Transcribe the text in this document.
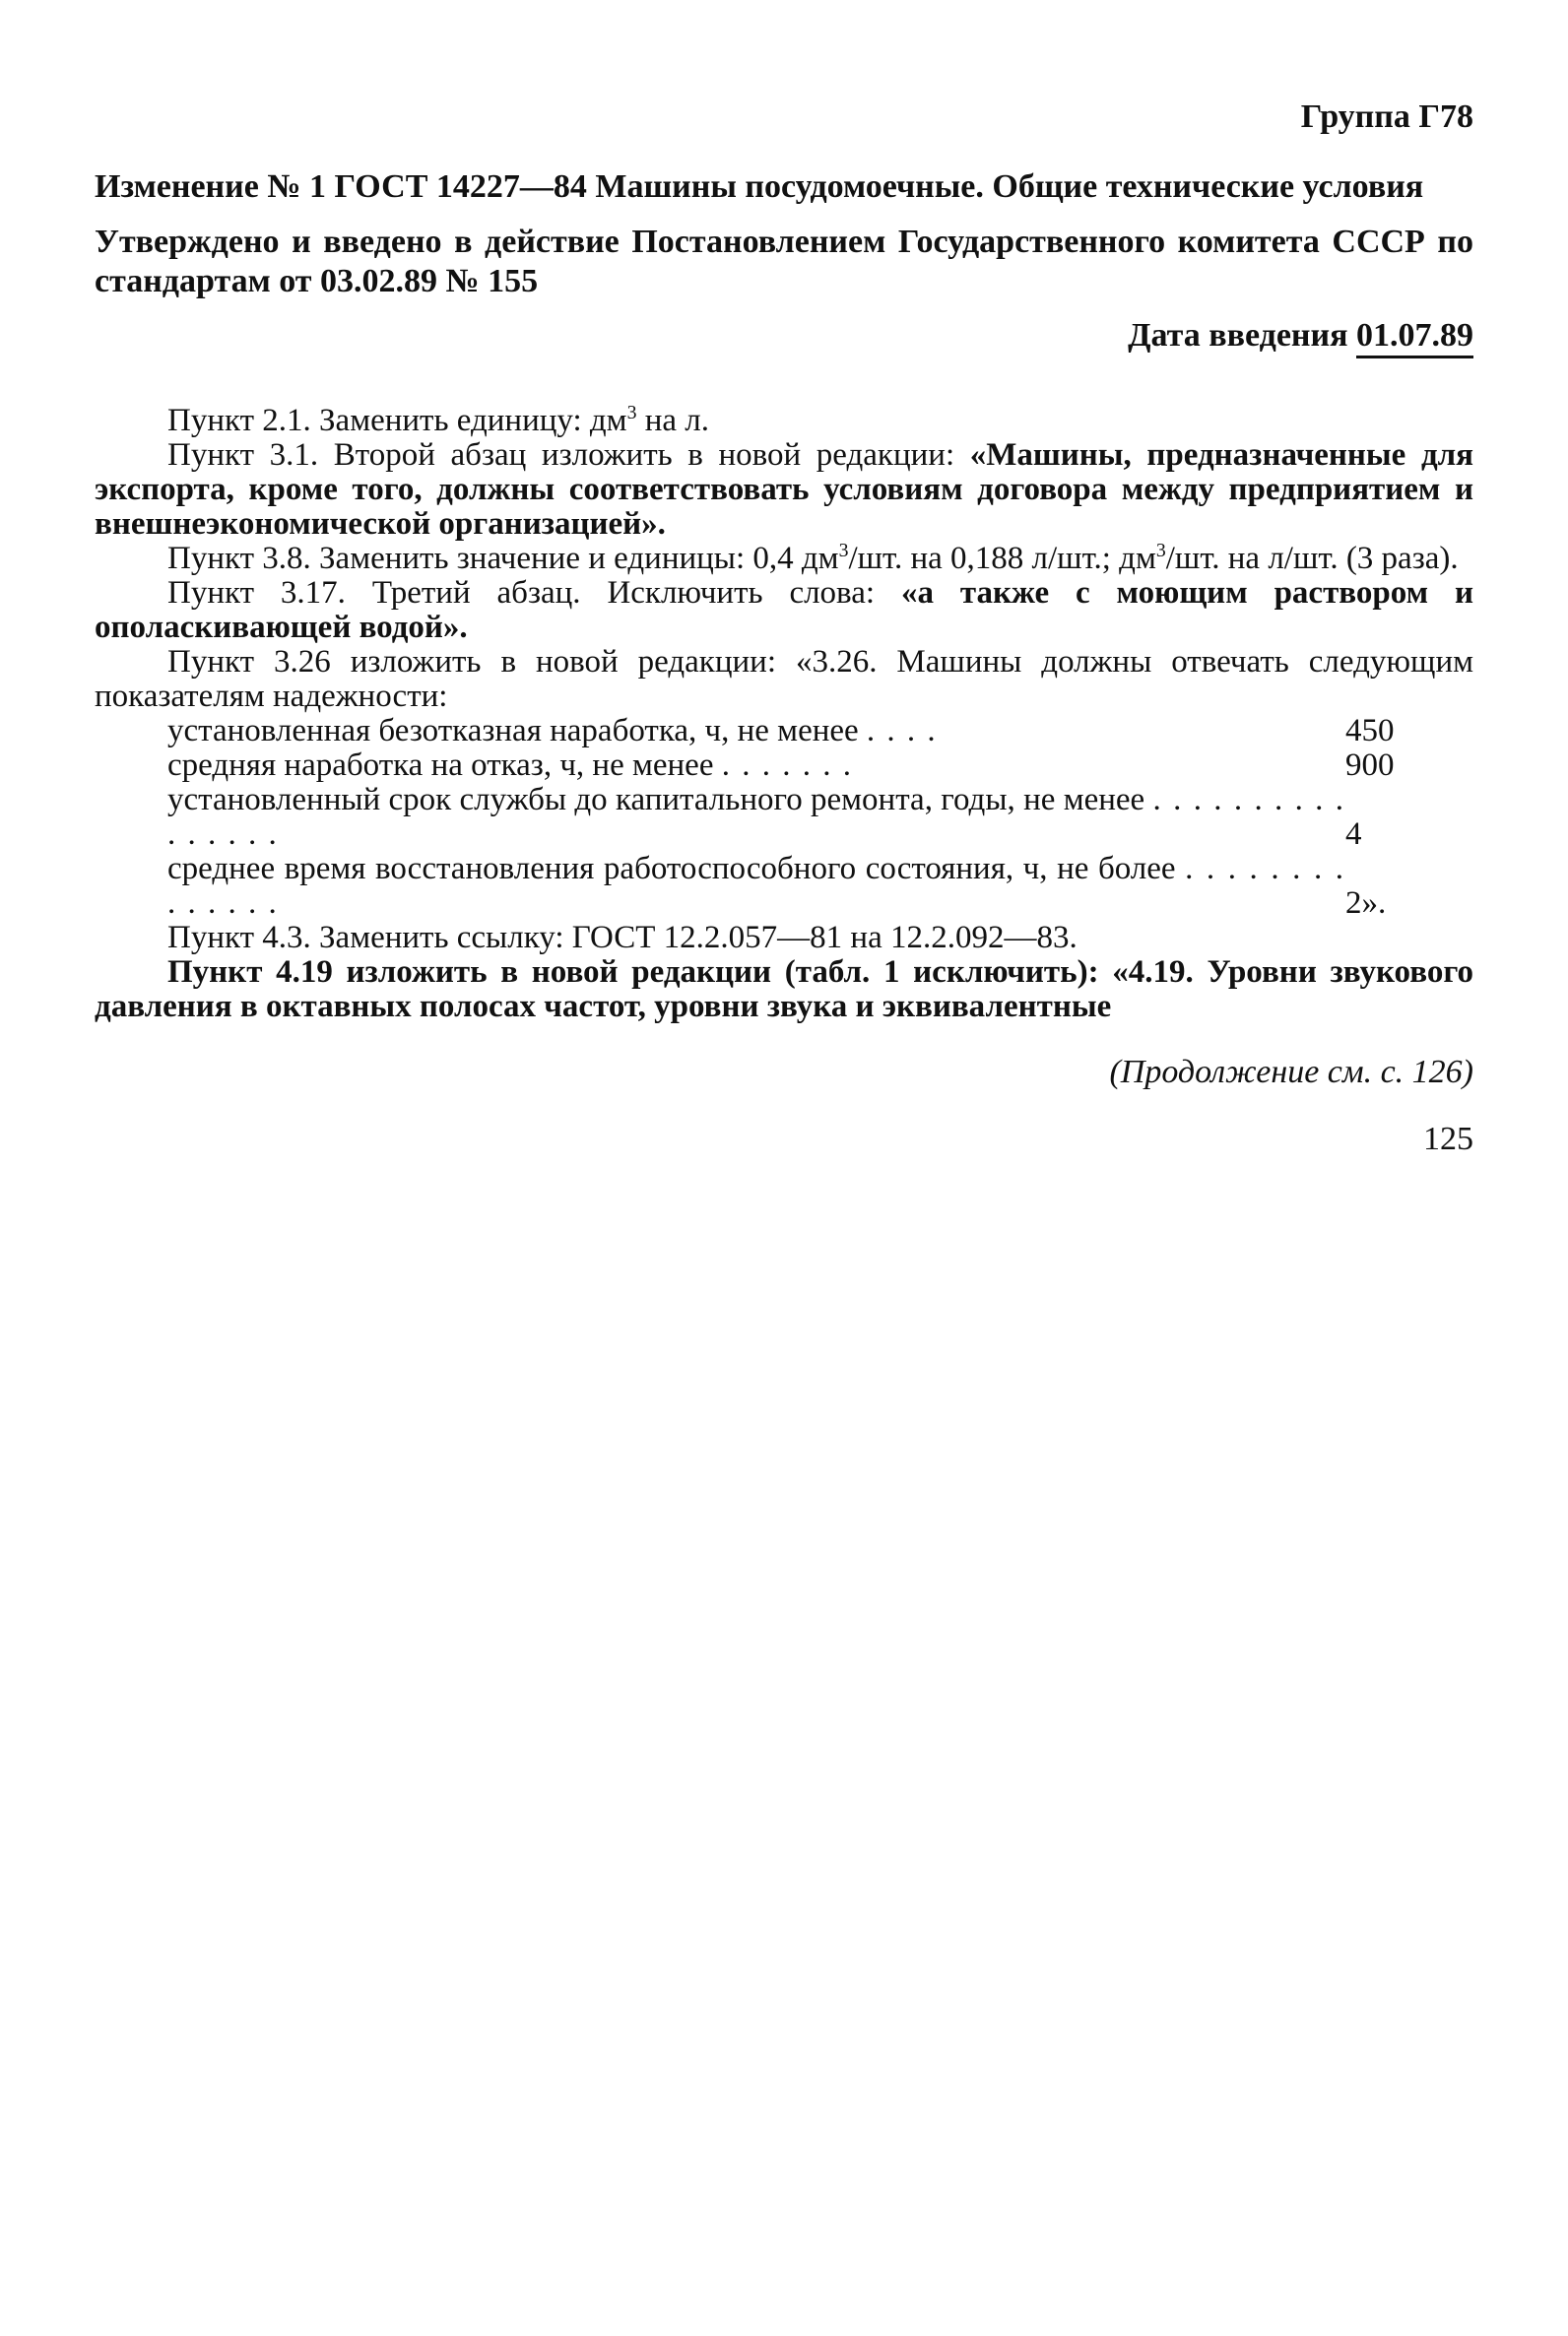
Группа Г78
Изменение № 1 ГОСТ 14227—84 Машины посудомоечные. Общие технические условия
Утверждено и введено в действие Постановлением Государственного комитета СССР по стандартам от 03.02.89 № 155
Дата введения 01.07.89

Пункт 2.1. Заменить единицу: $дм^3$ на л.

Пункт 3.1. Второй абзац изложить в новой редакции: «Машины, предназначенные для экспорта, кроме того, должны соответствовать условиям договора между предприятием и внешнеэкономической организацией».

Пункт 3.8. Заменить значение и единицы: 0,4 $дм^3/шт$. на 0,188 л/шт.; $дм^3/шт$. на л/шт. (3 раза).

Пункт 3.17. Третий абзац. Исключить слова: «а также с моющим раствором и ополаскивающей водой».

Пункт 3.26 изложить в новой редакции: «3.26. Машины должны отвечать следующим показателям надежности:

установленная безотказная наработка, ч, не менее . . . .	450
средняя наработка на отказ, ч, не менее . . . . . . .	900
установленный срок службы до капитального ремонта, годы, не менее . . . . . . . . . . . . . . . .	4
среднее время восстановления работоспособного состояния, ч, не более . . . . . . . . . . . . . .	2».

Пункт 4.3. Заменить ссылку: ГОСТ 12.2.057—81 на 12.2.092—83.

Пункт 4.19 изложить в новой редакции (табл. 1 исключить): «4.19. Уровни звукового давления в октавных полосах частот, уровни звука и эквивалентные

(Продолжение см. с. 126)
125
